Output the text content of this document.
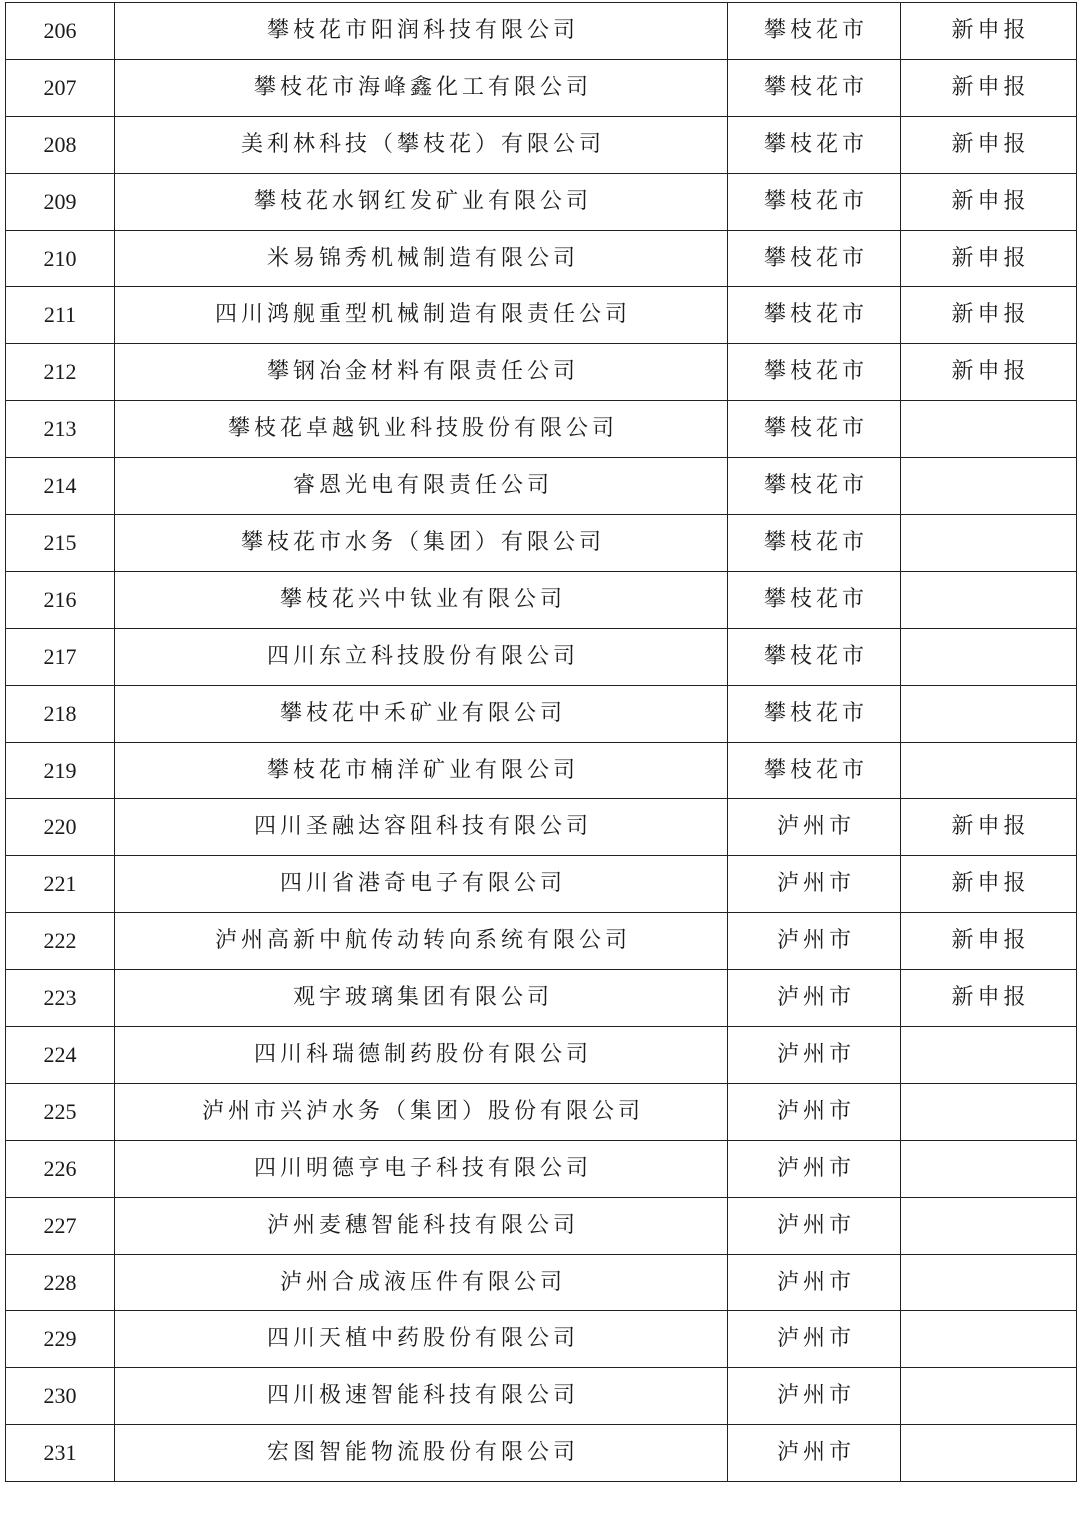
206	攀枝花市阳润科技有限公司	攀枝花市	新申报
207	攀枝花市海峰鑫化工有限公司	攀枝花市	新申报
208	美利林科技（攀枝花）有限公司	攀枝花市	新申报
209	攀枝花水钢红发矿业有限公司	攀枝花市	新申报
210	米易锦秀机械制造有限公司	攀枝花市	新申报
211	四川鸿舰重型机械制造有限责任公司	攀枝花市	新申报
212	攀钢冶金材料有限责任公司	攀枝花市	新申报
213	攀枝花卓越钒业科技股份有限公司	攀枝花市	
214	睿恩光电有限责任公司	攀枝花市	
215	攀枝花市水务（集团）有限公司	攀枝花市	
216	攀枝花兴中钛业有限公司	攀枝花市	
217	四川东立科技股份有限公司	攀枝花市	
218	攀枝花中禾矿业有限公司	攀枝花市	
219	攀枝花市楠洋矿业有限公司	攀枝花市	
220	四川圣融达容阻科技有限公司	泸州市	新申报
221	四川省港奇电子有限公司	泸州市	新申报
222	泸州高新中航传动转向系统有限公司	泸州市	新申报
223	观宇玻璃集团有限公司	泸州市	新申报
224	四川科瑞德制药股份有限公司	泸州市	
225	泸州市兴泸水务（集团）股份有限公司	泸州市	
226	四川明德亨电子科技有限公司	泸州市	
227	泸州麦穗智能科技有限公司	泸州市	
228	泸州合成液压件有限公司	泸州市	
229	四川天植中药股份有限公司	泸州市	
230	四川极速智能科技有限公司	泸州市	
231	宏图智能物流股份有限公司	泸州市	
